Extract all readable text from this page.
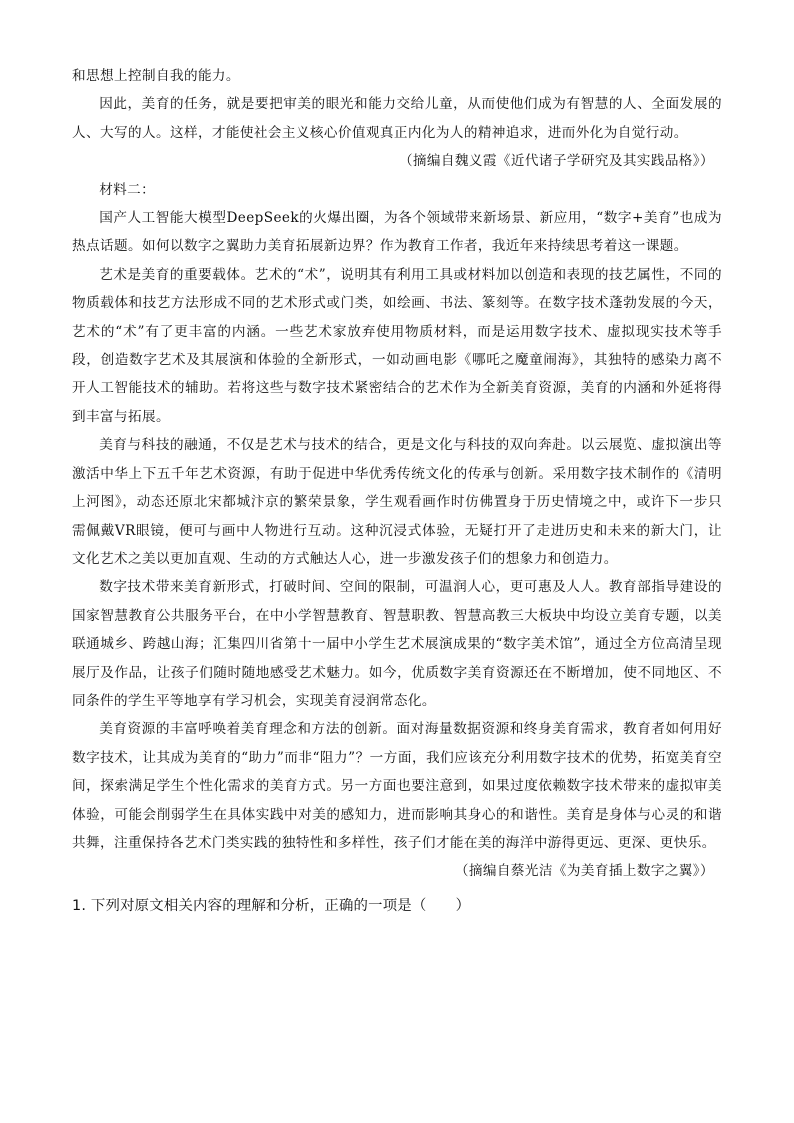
和思想上控制自我的能力。

因此，美育的任务，就是要把审美的眼光和能力交给儿童，从而使他们成为有智慧的人、全面发展的人、大写的人。这样，才能使社会主义核心价值观真正内化为人的精神追求，进而外化为自觉行动。

（摘编自魏义霞《近代诸子学研究及其实践品格》）

材料二：

国产人工智能大模型DeepSeek的火爆出圈，为各个领域带来新场景、新应用，“数字+美育”也成为热点话题。如何以数字之翼助力美育拓展新边界？作为教育工作者，我近年来持续思考着这一课题。

艺术是美育的重要载体。艺术的“术”，说明其有利用工具或材料加以创造和表现的技艺属性，不同的物质载体和技艺方法形成不同的艺术形式或门类，如绘画、书法、篆刻等。在数字技术蓬勃发展的今天，艺术的“术”有了更丰富的内涵。一些艺术家放弃使用物质材料，而是运用数字技术、虚拟现实技术等手段，创造数字艺术及其展演和体验的全新形式，一如动画电影《哪吒之魔童闹海》，其独特的感染力离不开人工智能技术的辅助。若将这些与数字技术紧密结合的艺术作为全新美育资源，美育的内涵和外延将得到丰富与拓展。

美育与科技的融通，不仅是艺术与技术的结合，更是文化与科技的双向奔赴。以云展览、虚拟演出等激活中华上下五千年艺术资源，有助于促进中华优秀传统文化的传承与创新。采用数字技术制作的《清明上河图》，动态还原北宋都城汴京的繁荣景象，学生观看画作时仿佛置身于历史情境之中，或许下一步只需佩戴VR眼镜，便可与画中人物进行互动。这种沉浸式体验，无疑打开了走进历史和未来的新大门，让文化艺术之美以更加直观、生动的方式触达人心，进一步激发孩子们的想象力和创造力。

数字技术带来美育新形式，打破时间、空间的限制，可温润人心，更可惠及人人。教育部指导建设的国家智慧教育公共服务平台，在中小学智慧教育、智慧职教、智慧高教三大板块中均设立美育专题，以美联通城乡、跨越山海；汇集四川省第十一届中小学生艺术展演成果的“数字美术馆”，通过全方位高清呈现展厅及作品，让孩子们随时随地感受艺术魅力。如今，优质数字美育资源还在不断增加，使不同地区、不同条件的学生平等地享有学习机会，实现美育浸润常态化。

美育资源的丰富呼唤着美育理念和方法的创新。面对海量数据资源和终身美育需求，教育者如何用好数字技术，让其成为美育的“助力”而非“阻力”？一方面，我们应该充分利用数字技术的优势，拓宽美育空间，探索满足学生个性化需求的美育方式。另一方面也要注意到，如果过度依赖数字技术带来的虚拟审美体验，可能会削弱学生在具体实践中对美的感知力，进而影响其身心的和谐性。美育是身体与心灵的和谐共舞，注重保持各艺术门类实践的独特性和多样性，孩子们才能在美的海洋中游得更远、更深、更快乐。

（摘编自蔡光洁《为美育插上数字之翼》）

1. 下列对原文相关内容的理解和分析，正确的一项是（　　）
